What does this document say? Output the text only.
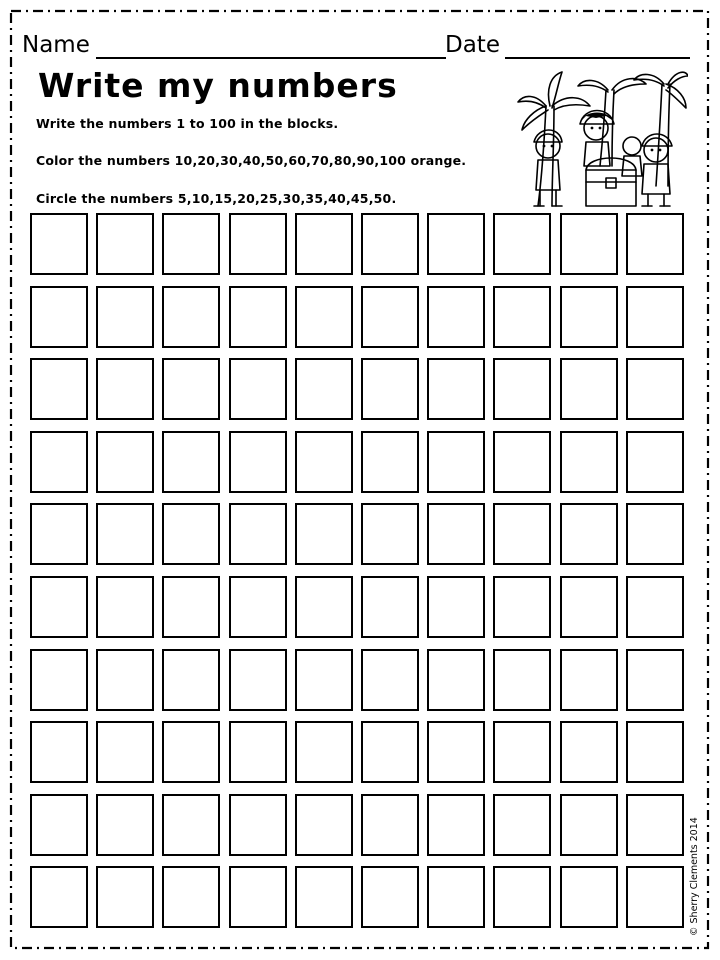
Name	Date
Write my numbers
Write the numbers 1 to 100 in the blocks.
Color the numbers 10,20,30,40,50,60,70,80,90,100 orange.
Circle the numbers 5,10,15,20,25,30,35,40,45,50.
© Sherry Clements 2014
